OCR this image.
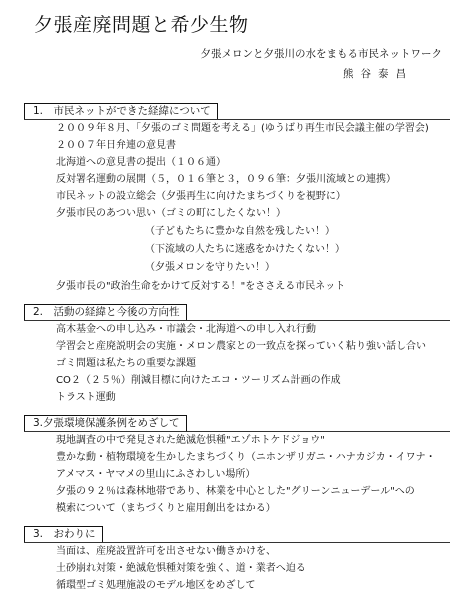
夕張産廃問題と希少生物
夕張メロンと夕張川の水をまもる市民ネットワーク
熊谷泰昌
1.　市民ネットができた経緯について
２００９年８月、「夕張のゴミ問題を考える」(ゆうばり再生市民会議主催の学習会)
２００７年日弁連の意見書
北海道への意見書の提出（１０６通）
反対署名運動の展開（５，０１６筆と３，０９６筆：夕張川流域との連携）
市民ネットの設立総会（夕張再生に向けたまちづくりを視野に）
夕張市民のあつい思い（ゴミの町にしたくない！）
（子どもたちに豊かな自然を残したい！）
（下流域の人たちに迷惑をかけたくない！）
（夕張メロンを守りたい！）
夕張市長の"政治生命をかけて反対する！"をささえる市民ネット
2.　活動の経緯と今後の方向性
高木基金への申し込み・市議会・北海道への申し入れ行動
学習会と産廃説明会の実施・メロン農家との一致点を探っていく粘り強い話し合い
ゴミ問題は私たちの重要な課題
CO２（２５％）削減目標に向けたエコ・ツーリズム計画の作成
トラスト運動
3.夕張環境保護条例をめざして
現地調査の中で発見された絶滅危惧種"エゾホトケドジョウ"
豊かな動・植物環境を生かしたまちづくり（ニホンザリガニ・ハナカジカ・イワナ・
アメマス・ヤマメの里山にふさわしい場所）
夕張の９２％は森林地帯であり、林業を中心とした"グリーンニューデール"への
模索について（まちづくりと雇用創出をはかる）
3.　おわりに
当面は、産廃設置許可を出させない働きかけを、
土砂崩れ対策・絶滅危惧種対策を強く、道・業者へ迫る
循環型ゴミ処理施設のモデル地区をめざして
